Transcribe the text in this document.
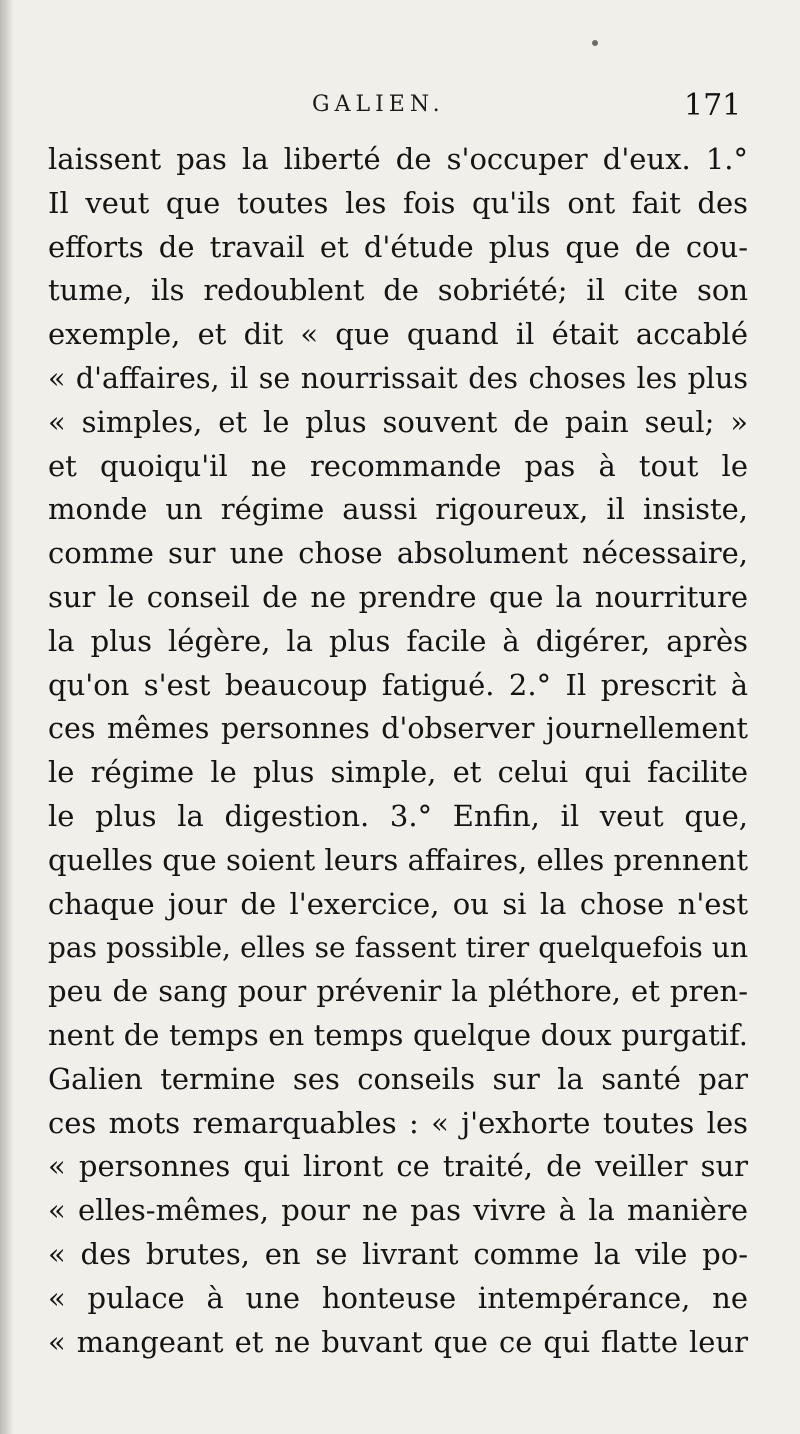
GALIEN.	171
laissent pas la liberté de s'occuper d'eux. 1.°
Il veut que toutes les fois qu'ils ont fait des
efforts de travail et d'étude plus que de cou-
tume, ils redoublent de sobriété; il cite son
exemple, et dit « que quand il était accablé
« d'affaires, il se nourrissait des choses les plus
« simples, et le plus souvent de pain seul; »
et quoiqu'il ne recommande pas à tout le
monde un régime aussi rigoureux, il insiste,
comme sur une chose absolument nécessaire,
sur le conseil de ne prendre que la nourriture
la plus légère, la plus facile à digérer, après
qu'on s'est beaucoup fatigué. 2.° Il prescrit à
ces mêmes personnes d'observer journellement
le régime le plus simple, et celui qui facilite
le plus la digestion. 3.° Enfin, il veut que,
quelles que soient leurs affaires, elles prennent
chaque jour de l'exercice, ou si la chose n'est
pas possible, elles se fassent tirer quelquefois un
peu de sang pour prévenir la pléthore, et pren-
nent de temps en temps quelque doux purgatif.
Galien termine ses conseils sur la santé par
ces mots remarquables : « j'exhorte toutes les
« personnes qui liront ce traité, de veiller sur
« elles-mêmes, pour ne pas vivre à la manière
« des brutes, en se livrant comme la vile po-
« pulace à une honteuse intempérance, ne
« mangeant et ne buvant que ce qui flatte leur
